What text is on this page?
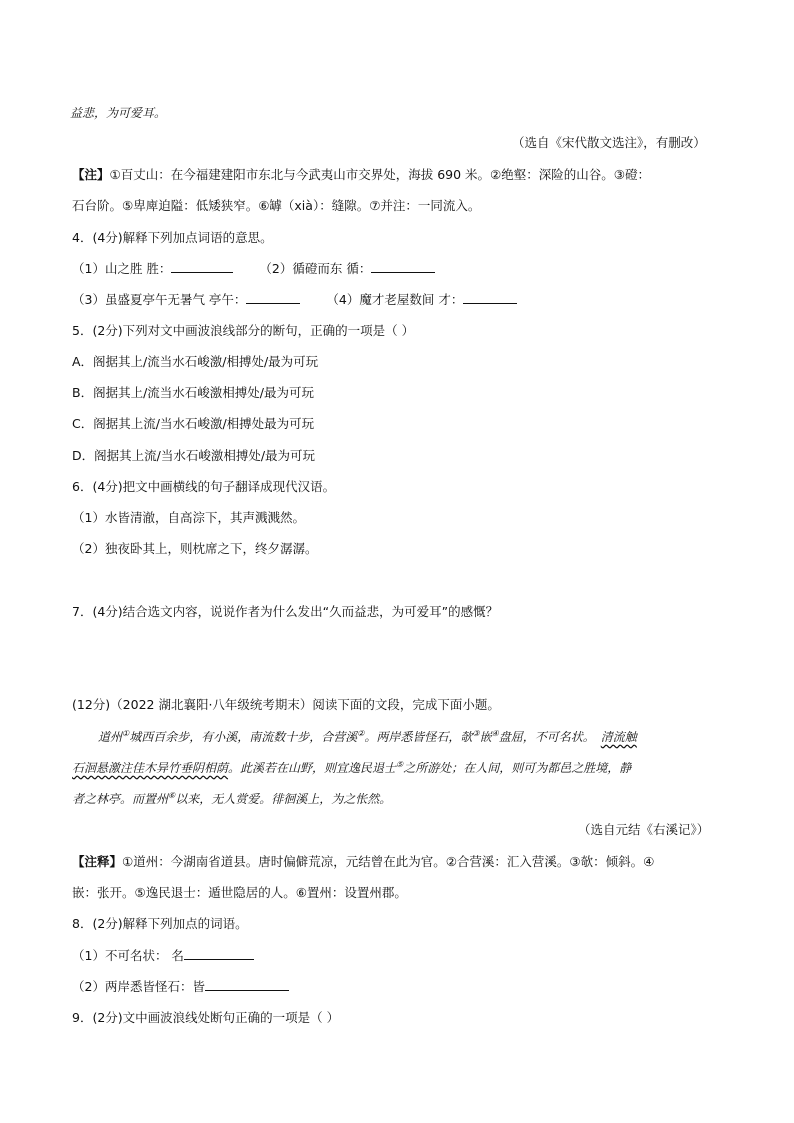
益悲，为可爱耳。
（选自《宋代散文选注》，有删改）
【注】①百丈山：在今福建建阳市东北与今武夷山市交界处，海拔 690 米。②绝壑：深险的山谷。③磴：
石台阶。⑤卑庳迫隘：低矮狭窄。⑥罅（xià）：缝隙。⑦并注：一同流入。
4．(4分)解释下列加点词语的意思。
（1）山之胜 胜：	（2）循磴而东 循：
（3）虽盛夏亭午无暑气 亭午：	（4）魔才老屋数间 才：
5．(2分)下列对文中画波浪线部分的断句，正确的一项是（ ）
A．阁据其上/流当水石峻激/相搏处/最为可玩
B．阁据其上/流当水石峻激相搏处/最为可玩
C．阁据其上流/当水石峻激/相搏处最为可玩
D．阁据其上流/当水石峻激相搏处/最为可玩
6．(4分)把文中画横线的句子翻译成现代汉语。
（1）水皆清澈，自高淙下，其声溅溅然。
（2）独夜卧其上，则枕席之下，终夕潺潺。
7．(4分)结合选文内容，说说作者为什么发出“久而益悲，为可爱耳”的感慨？
(12分)（2022 湖北襄阳·八年级统考期末）阅读下面的文段，完成下面小题。
道州①城西百余步，有小溪，南流数十步，合营溪②。两岸悉皆怪石，欹③嵌④盘屈，不可名状。 清流触
石洄悬激注佳木异竹垂阴相荫。此溪若在山野，则宜逸民退士⑤之所游处；在人间，则可为都邑之胜境，静
者之林亭。而置州⑥以来，无人赏爱。徘徊溪上，为之怅然。
（选自元结《右溪记》）
【注释】①道州：今湖南省道县。唐时偏僻荒凉，元结曾在此为官。②合营溪：汇入营溪。③欹：倾斜。④
嵌：张开。⑤逸民退士：遁世隐居的人。⑥置州：设置州郡。
8．(2分)解释下列加点的词语。
（1）不可名状： 名
（2）两岸悉皆怪石：皆
9．(2分)文中画波浪线处断句正确的一项是（ ）
